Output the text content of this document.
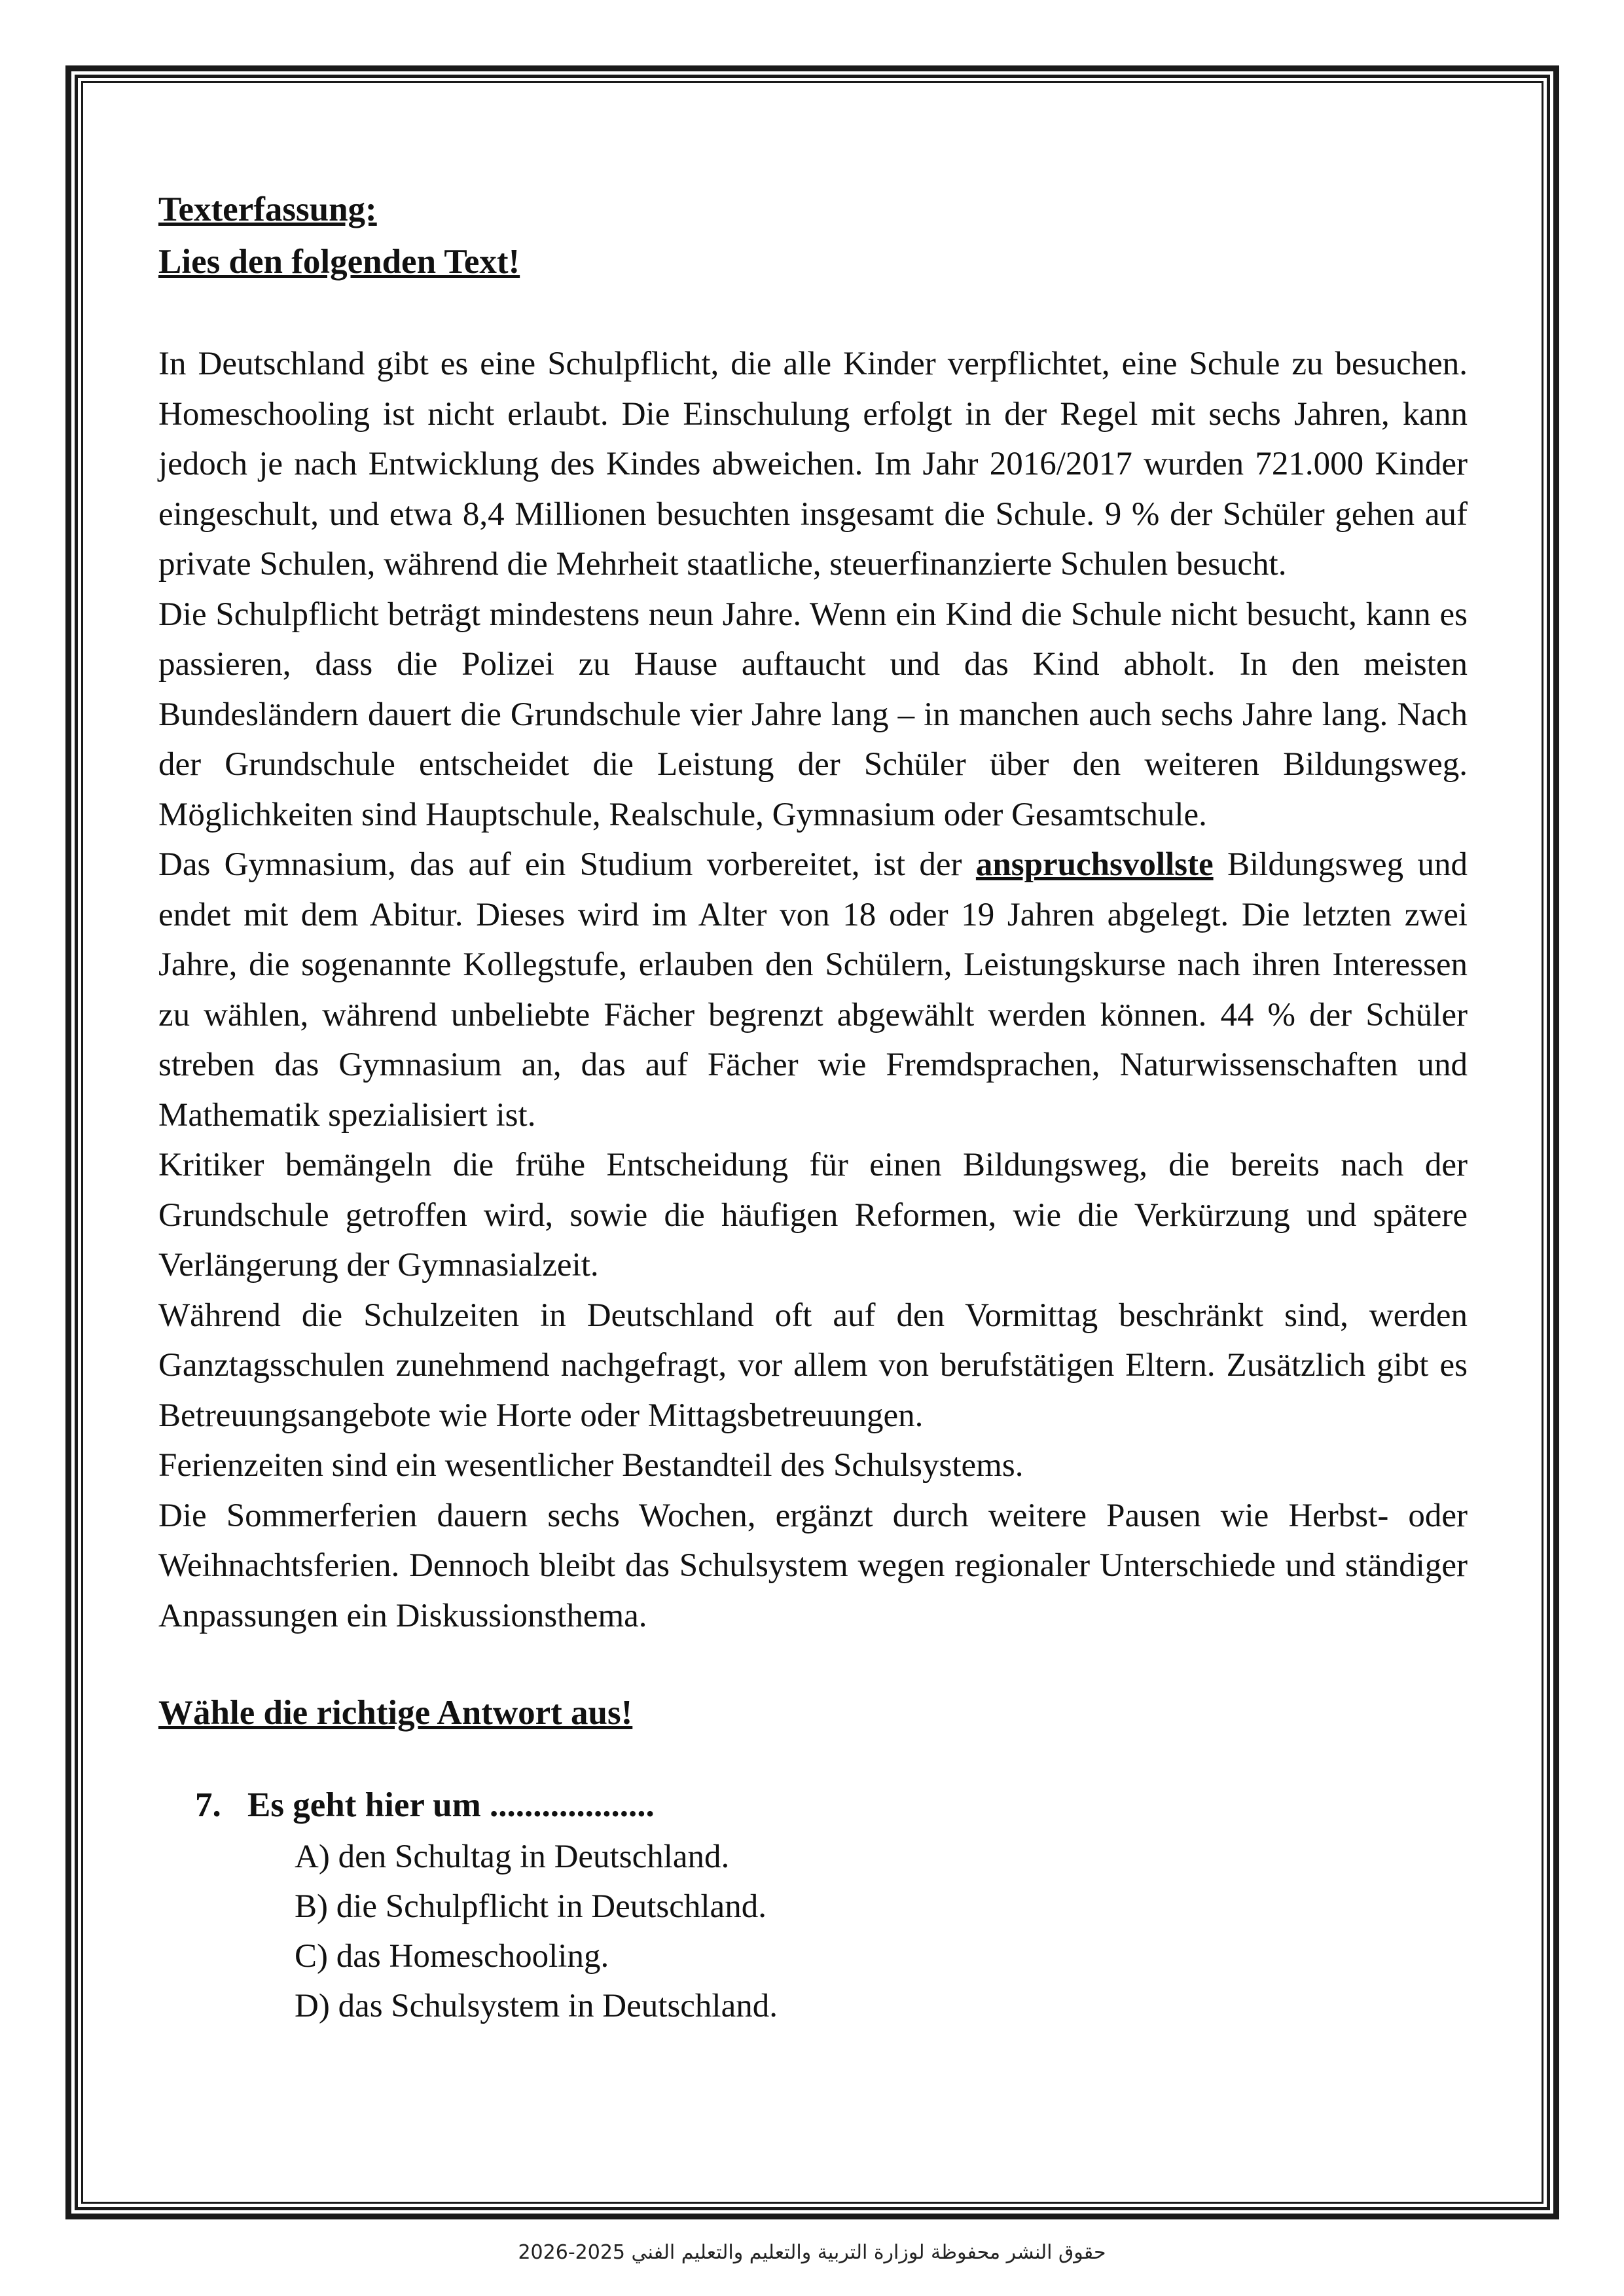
Texterfassung:

Lies den folgenden Text!

In Deutschland gibt es eine Schulpflicht, die alle Kinder verpflichtet, eine Schule zu besuchen. Homeschooling ist nicht erlaubt. Die Einschulung erfolgt in der Regel mit sechs Jahren, kann jedoch je nach Entwicklung des Kindes abweichen. Im Jahr 2016/2017 wurden 721.000 Kinder eingeschult, und etwa 8,4 Millionen besuchten insgesamt die Schule. 9 % der Schüler gehen auf private Schulen, während die Mehrheit staatliche, steuerfinanzierte Schulen besucht.

Die Schulpflicht beträgt mindestens neun Jahre. Wenn ein Kind die Schule nicht besucht, kann es passieren, dass die Polizei zu Hause auftaucht und das Kind abholt. In den meisten Bundesländern dauert die Grundschule vier Jahre lang – in manchen auch sechs Jahre lang. Nach der Grundschule entscheidet die Leistung der Schüler über den weiteren Bildungsweg. Möglichkeiten sind Hauptschule, Realschule, Gymnasium oder Gesamtschule.

Das Gymnasium, das auf ein Studium vorbereitet, ist der anspruchsvollste Bildungsweg und endet mit dem Abitur. Dieses wird im Alter von 18 oder 19 Jahren abgelegt. Die letzten zwei Jahre, die sogenannte Kollegstufe, erlauben den Schülern, Leistungskurse nach ihren Interessen zu wählen, während unbeliebte Fächer begrenzt abgewählt werden können. 44 % der Schüler streben das Gymnasium an, das auf Fächer wie Fremdsprachen, Naturwissenschaften und Mathematik spezialisiert ist.

Kritiker bemängeln die frühe Entscheidung für einen Bildungsweg, die bereits nach der Grundschule getroffen wird, sowie die häufigen Reformen, wie die Verkürzung und spätere Verlängerung der Gymnasialzeit.

Während die Schulzeiten in Deutschland oft auf den Vormittag beschränkt sind, werden Ganztagsschulen zunehmend nachgefragt, vor allem von berufstätigen Eltern. Zusätzlich gibt es Betreuungsangebote wie Horte oder Mittagsbetreuungen.

Ferienzeiten sind ein wesentlicher Bestandteil des Schulsystems.

Die Sommerferien dauern sechs Wochen, ergänzt durch weitere Pausen wie Herbst- oder Weihnachtsferien. Dennoch bleibt das Schulsystem wegen regionaler Unterschiede und ständiger Anpassungen ein Diskussionsthema.

Wähle die richtige Antwort aus!

7. Es geht hier um ...................
A) den Schultag in Deutschland.
B) die Schulpflicht in Deutschland.
C) das Homeschooling.
D) das Schulsystem in Deutschland.
حقوق النشر محفوظة لوزارة التربية والتعليم والتعليم الفني 2025-2026
